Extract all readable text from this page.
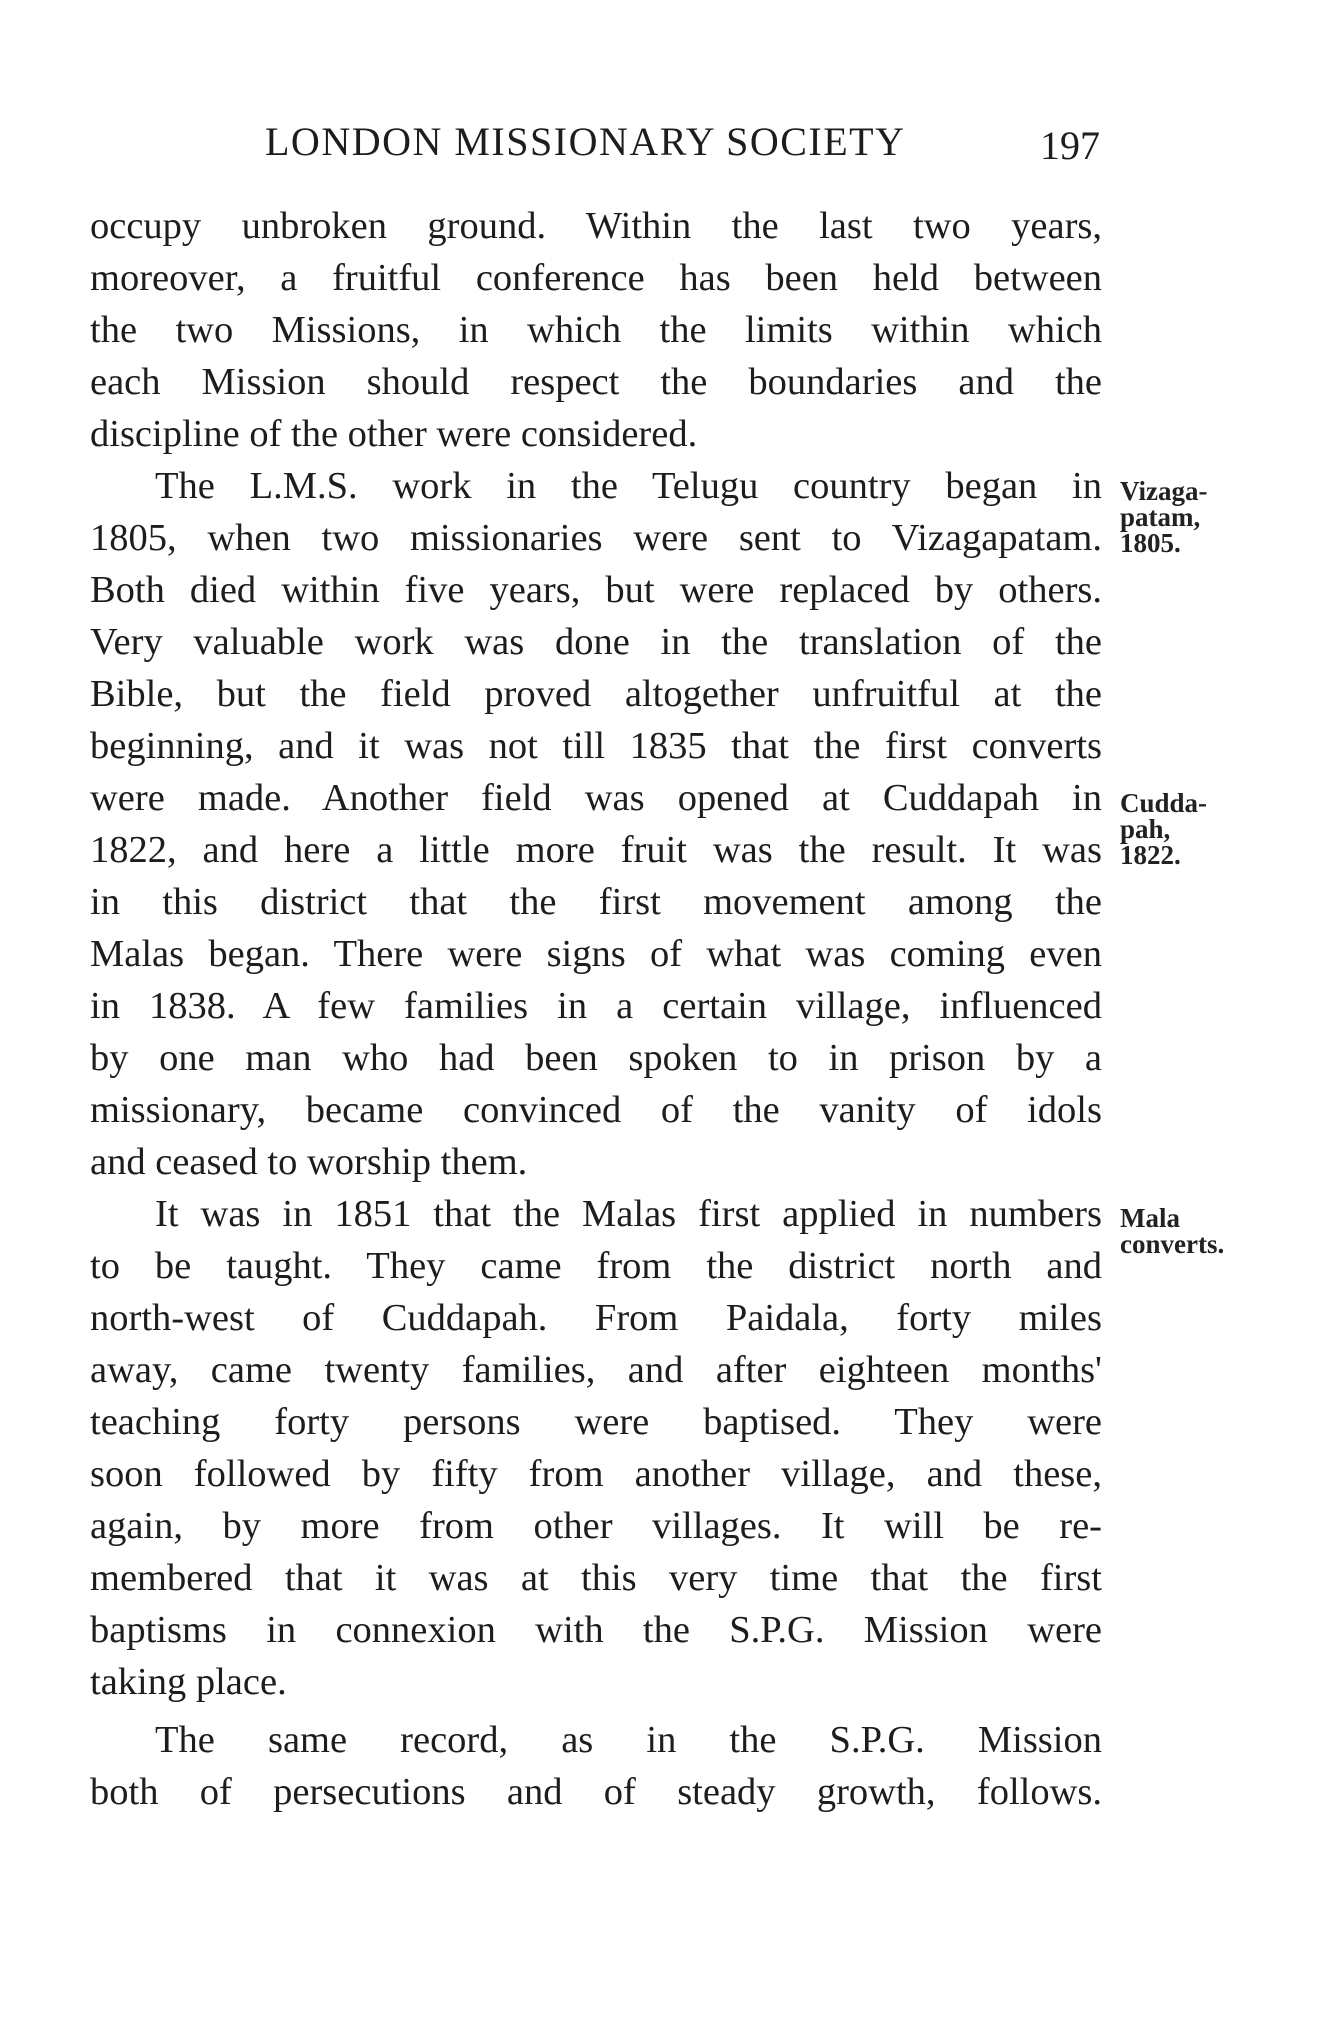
LONDON MISSIONARY SOCIETY	197
occupy unbroken ground. Within the last two years,
moreover, a fruitful conference has been held between
the two Missions, in which the limits within which
each Mission should respect the boundaries and the
discipline of the other were considered.
The L.M.S. work in the Telugu country began in
1805, when two missionaries were sent to Vizagapatam.
Both died within five years, but were replaced by others.
Very valuable work was done in the translation of the
Bible, but the field proved altogether unfruitful at the
beginning, and it was not till 1835 that the first converts
were made. Another field was opened at Cuddapah in
1822, and here a little more fruit was the result. It was
in this district that the first movement among the
Malas began. There were signs of what was coming even
in 1838. A few families in a certain village, influenced
by one man who had been spoken to in prison by a
missionary, became convinced of the vanity of idols
and ceased to worship them.
It was in 1851 that the Malas first applied in numbers
to be taught. They came from the district north and
north-west of Cuddapah. From Paidala, forty miles
away, came twenty families, and after eighteen months'
teaching forty persons were baptised. They were
soon followed by fifty from another village, and these,
again, by more from other villages. It will be re-
membered that it was at this very time that the first
baptisms in connexion with the S.P.G. Mission were
taking place.
The same record, as in the S.P.G. Mission
both of persecutions and of steady growth, follows.
Vizaga-
patam,
1805.
Cudda-
pah,
1822.
Mala
converts.
